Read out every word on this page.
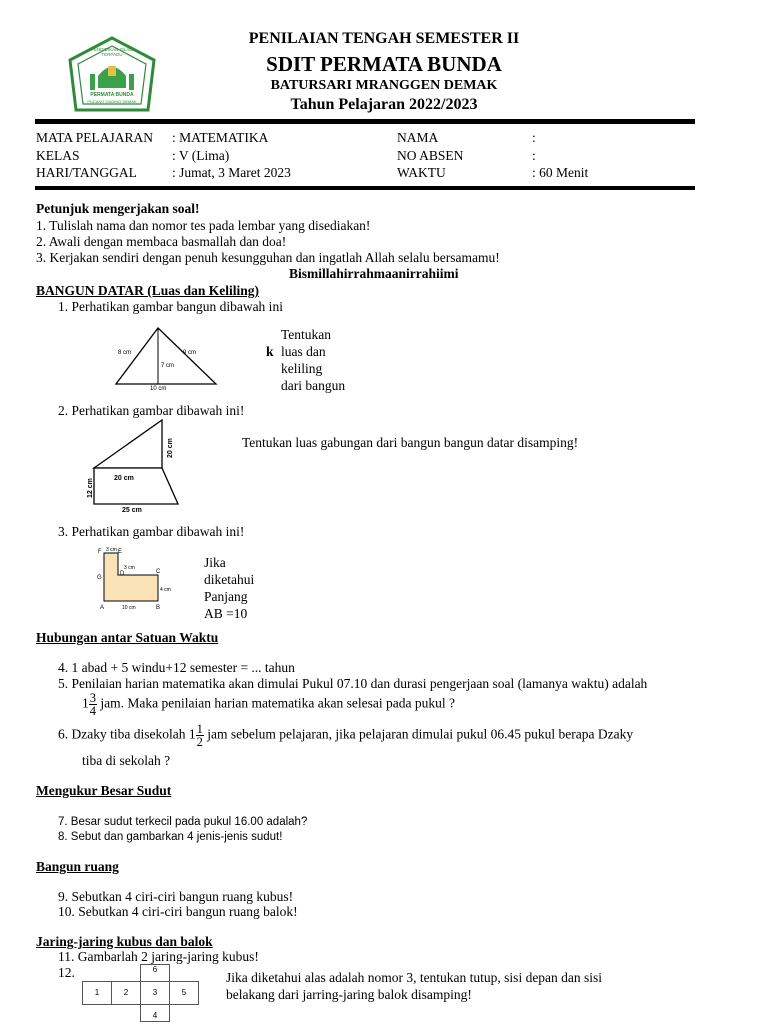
PENDIDIKAN ISLAM TERPADU
PERMATA BUNDA
PUCANG GADING DEMAK
PENILAIAN TENGAH SEMESTER II
SDIT PERMATA BUNDA
BATURSARI MRANGGEN DEMAK
Tahun Pelajaran 2022/2023
MATA PELAJARAN : MATEMATIKA
KELAS	: V (Lima)
HARI/TANGGAL	: Jumat, 3 Maret 2023
NAMA	:
NO ABSEN	:
WAKTU	: 60 Menit
Petunjuk mengerjakan soal!
1. Tulislah nama dan nomor tes pada lembar yang disediakan!
2. Awali dengan membaca basmallah dan doa!
3. Kerjakan sendiri dengan penuh kesungguhan dan ingatlah Allah selalu bersamamu!
Bismillahirrahmaanirrahiimi
BANGUN DATAR (Luas dan Keliling)
1. Perhatikan gambar bangun dibawah ini
8 cm	9 cm
7 cm
10 cm
k
Tentukan
luas dan
keliling
dari bangun
2. Perhatikan gambar dibawah ini!
20 cm
20 cm
12 cm
25 cm
Tentukan luas gabungan dari bangun bangun datar disamping!
3. Perhatikan gambar dibawah ini!
F	E
3 cm
G
D
3 cm
C
4 cm
A	10 cm	B
Jika
diketahui
Panjang
AB =10
Hubungan antar Satuan Waktu
4. 1 abad + 5 windu+12 semester = ... tahun
5. Penilaian harian matematika akan dimulai Pukul 07.10 dan durasi pengerjaan soal (lamanya waktu) adalah
$1 \frac{3}{4}$ jam. Maka penilaian harian matematika akan selesai pada pukul ?
6. Dzaky tiba disekolah $1 \frac{1}{2}$ jam sebelum pelajaran, jika pelajaran dimulai pukul 06.45 pukul berapa Dzaky
tiba di sekolah ?
Mengukur Besar Sudut
7. Besar sudut terkecil pada pukul 16.00 adalah?
8. Sebut dan gambarkan 4 jenis-jenis sudut!
Bangun ruang
9. Sebutkan 4 ciri-ciri bangun ruang kubus!
10. Sebutkan 4 ciri-ciri bangun ruang balok!
Jaring-jaring kubus dan balok
11. Gambarlah 2 jaring-jaring kubus!
12.	6
1	2	3	5
4
Jika diketahui alas adalah nomor 3, tentukan tutup, sisi depan dan sisi
belakang dari jarring-jaring balok disamping!
